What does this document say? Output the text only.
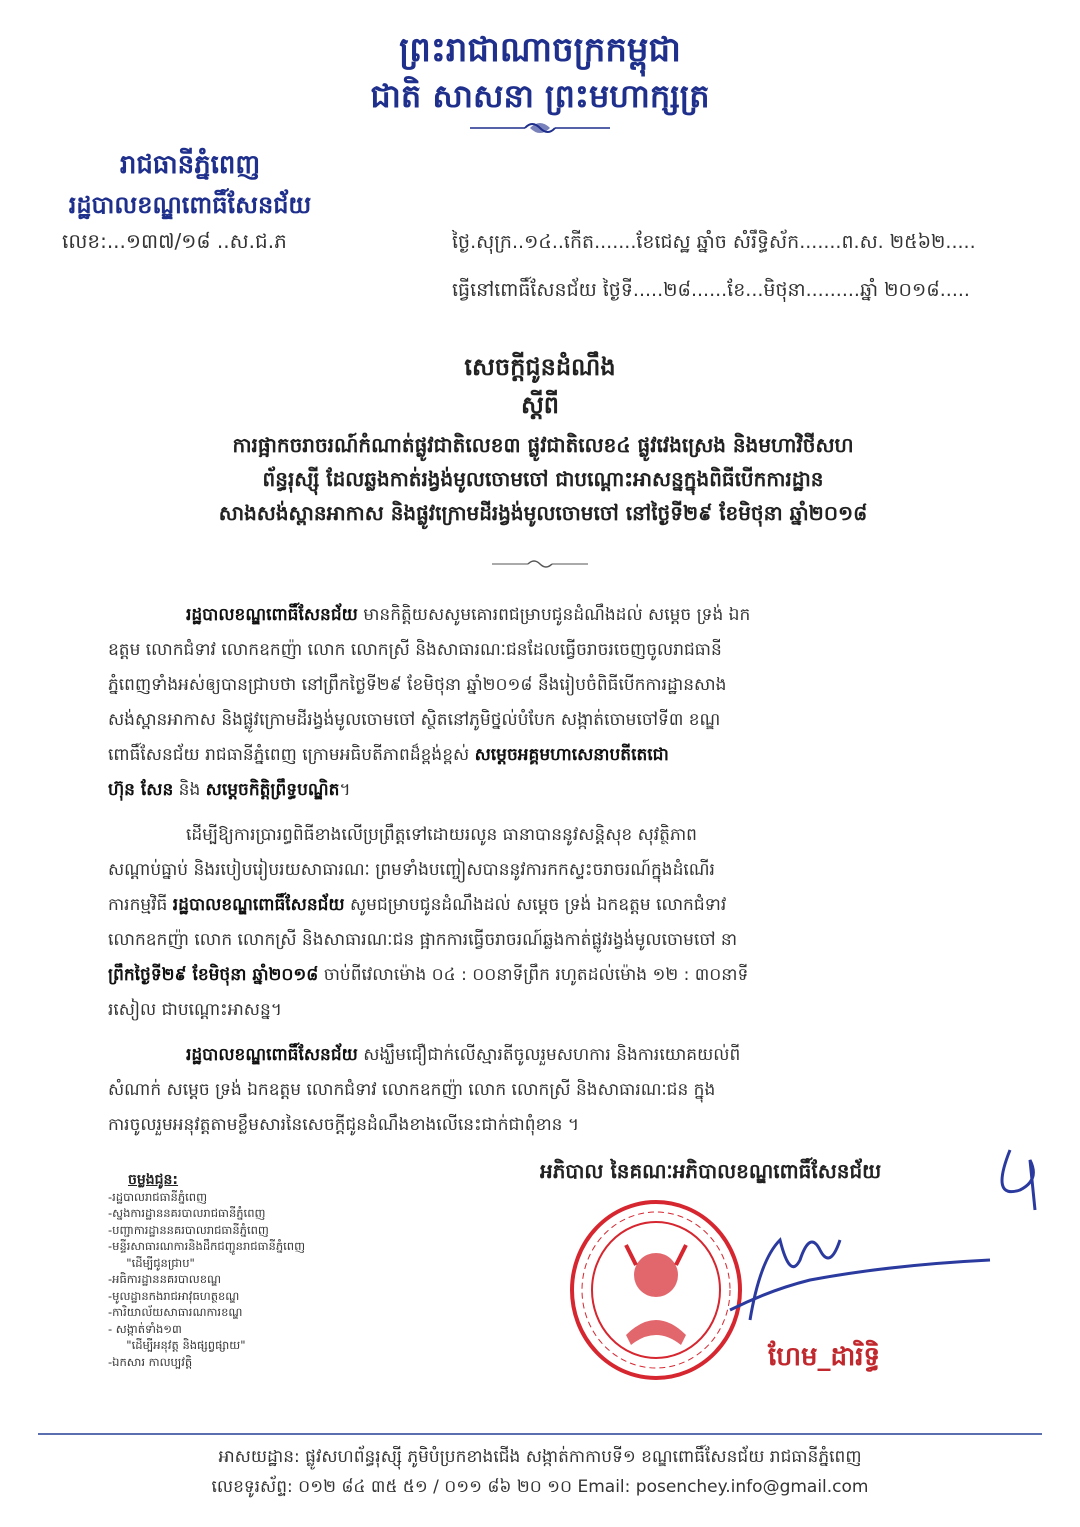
ព្រះរាជាណាចក្រកម្ពុជា
ជាតិ សាសនា ព្រះមហាក្សត្រ
រាជធានីភ្នំពេញ
រដ្ឋបាលខណ្ឌពោធិ៍សែនជ័យ
លេខ:...១៣៧/១៨ ..ស.ជ.ភ	ថ្ងៃ.សុក្រ..១៤..កើត.......ខែជេស្ឋ ឆ្នាំច សំរឹទ្ធិស័ក.......ព.ស. ២៥៦២.....
ធ្វើនៅពោធិ៍សែនជ័យ ថ្ងៃទី.....២៨......ខែ...មិថុនា.........ឆ្នាំ ២០១៨.....
សេចក្តីជូនដំណឹង
ស្តីពី
ការផ្អាកចរាចរណ៍កំណាត់ផ្លូវជាតិលេខ៣ ផ្លូវជាតិលេខ៤ ផ្លូវវេងស្រេង និងមហាវិថីសហ
ព័ន្ធរុស្ស៊ី ដែលឆ្លងកាត់រង្វង់មូលចោមចៅ ជាបណ្តោះអាសន្នក្នុងពិធីបើកការដ្ឋាន
សាងសង់ស្ពានអាកាស និងផ្លូវក្រោមដីរង្វង់មូលចោមចៅ នៅថ្ងៃទី២៩ ខែមិថុនា ឆ្នាំ២០១៨
រដ្ឋបាលខណ្ឌពោធិ៍សែនជ័យ មានកិត្តិយសសូមគោរពជម្រាបជូនដំណឹងដល់ សម្តេច ទ្រង់ ឯក
ឧត្តម លោកជំទាវ លោកឧកញ៉ា លោក លោកស្រី និងសាធារណៈជនដែលធ្វើចរាចរចេញចូលរាជធានី
ភ្នំពេញទាំងអស់ឲ្យបានជ្រាបថា នៅព្រឹកថ្ងៃទី២៩ ខែមិថុនា ឆ្នាំ២០១៨ នឹងរៀបចំពិធីបើកការដ្ឋានសាង
សង់ស្ពានអាកាស និងផ្លូវក្រោមដីរង្វង់មូលចោមចៅ ស្ថិតនៅភូមិថ្នល់បំបែក សង្កាត់ចោមចៅទី៣ ខណ្ឌ
ពោធិ៍សែនជ័យ រាជធានីភ្នំពេញ ក្រោមអធិបតីភាពដ៏ខ្ពង់ខ្ពស់ សម្តេចអគ្គមហាសេនាបតីតេជោ
ហ៊ុន សែន និង សម្តេចកិត្តិព្រឹទ្ធបណ្ឌិត។
ដើម្បីឱ្យការប្រារព្ធពិធីខាងលើប្រព្រឹត្តទៅដោយរលូន ធានាបាននូវសន្តិសុខ សុវត្ថិភាព
សណ្តាប់ធ្នាប់ និងរបៀបរៀបរយសាធារណៈ ព្រមទាំងបញ្ចៀសបាននូវការកកស្ទះចរាចរណ៍ក្នុងដំណើរ
ការកម្មវិធី រដ្ឋបាលខណ្ឌពោធិ៍សែនជ័យ សូមជម្រាបជូនដំណឹងដល់ សម្តេច ទ្រង់ ឯកឧត្តម លោកជំទាវ
លោកឧកញ៉ា លោក លោកស្រី និងសាធារណៈជន ផ្អាកការធ្វើចរាចរណ៍ឆ្លងកាត់ផ្លូវរង្វង់មូលចោមចៅ នា
ព្រឹកថ្ងៃទី២៩ ខែមិថុនា ឆ្នាំ២០១៨ ចាប់ពីវេលាម៉ោង ០៤ : ០០នាទីព្រឹក រហូតដល់ម៉ោង ១២ : ៣០នាទី
រសៀល ជាបណ្តោះអាសន្ន។
រដ្ឋបាលខណ្ឌពោធិ៍សែនជ័យ សង្ឃឹមជឿជាក់លើស្មារតីចូលរួមសហការ និងការយោគយល់ពី
សំណាក់ សម្តេច ទ្រង់ ឯកឧត្តម លោកជំទាវ លោកឧកញ៉ា លោក លោកស្រី និងសាធារណៈជន ក្នុង
ការចូលរួមអនុវត្តតាមខ្លឹមសារនៃសេចក្តីជូនដំណឹងខាងលើនេះជាក់ជាពុំខាន ។
ចម្លងជូន:
-រដ្ឋបាលរាជធានីភ្នំពេញ
-ស្នងការដ្ឋាននគរបាលរាជធានីភ្នំពេញ
-បញ្ជាការដ្ឋាននគរបាលរាជធានីភ្នំពេញ
-មន្ទីរសាធារណការនិងដឹកជញ្ជូនរាជធានីភ្នំពេញ
"ដើម្បីជូនជ្រាប"
-អធិការដ្ឋាននគរបាលខណ្ឌ
-មូលដ្ឋានកងរាជអាវុធហត្ថខណ្ឌ
-ការិយាល័យសាធារណការខណ្ឌ
- សង្កាត់ទាំង១៣
"ដើម្បីអនុវត្ត និងផ្សព្វផ្សាយ"
-ឯកសារ កាលប្បវត្តិ
អភិបាល នៃគណៈអភិបាលខណ្ឌពោធិ៍សែនជ័យ
ហែម_ដារិទ្ធិ
អាសយដ្ឋាន: ផ្លូវសហព័ន្ធរុស្ស៊ី ភូមិបំប្រកខាងជើង សង្កាត់កាកាបទី១ ខណ្ឌពោធិ៍សែនជ័យ រាជធានីភ្នំពេញ
លេខទូរស័ព្ទ: ០១២ ៨៤ ៣៥ ៥១ / ០១១ ៨៦ ២០ ១០ Email: posenchey.info@gmail.com
